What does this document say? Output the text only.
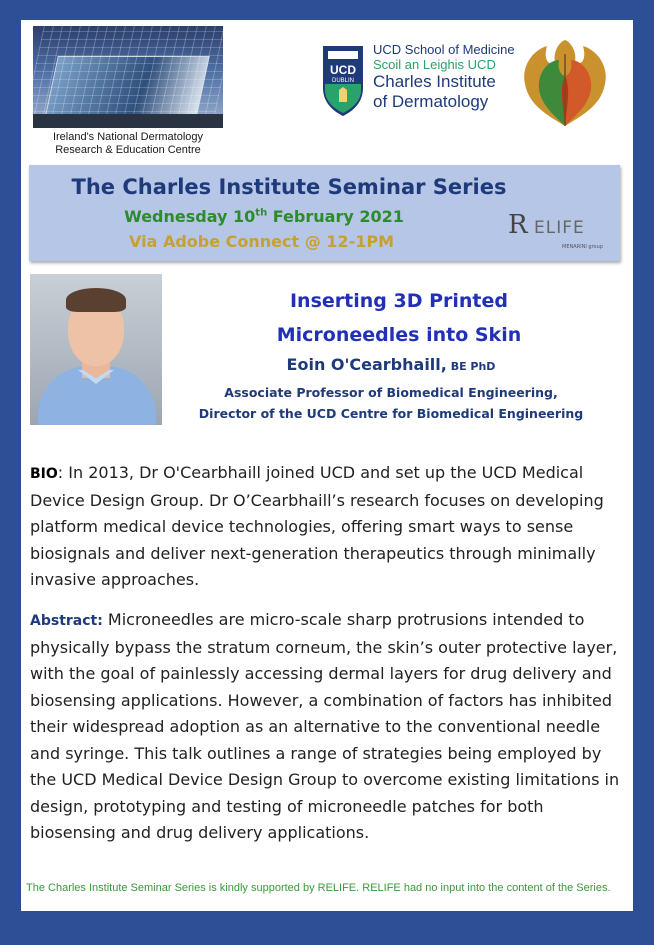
Ireland's National Dermatology
Research & Education Centre
UCD
DUBLIN
UCD School of Medicine
Scoil an Leighis UCD
Charles Institute
of Dermatology
The Charles Institute Seminar Series
Wednesday 10th February 2021
Via Adobe Connect @ 12-1PM
R ELIFE
MENARINI group
Inserting 3D Printed
Microneedles into Skin
Eoin O'Cearbhaill, BE PhD
Associate Professor of Biomedical Engineering,
Director of the UCD Centre for Biomedical Engineering
BIO: In 2013, Dr O'Cearbhaill joined UCD and set up the UCD Medical Device Design Group. Dr O’Cearbhaill’s research focuses on developing platform medical device technologies, offering smart ways to sense biosignals and deliver next-generation therapeutics through minimally invasive approaches.
Abstract: Microneedles are micro-scale sharp protrusions intended to physically bypass the stratum corneum, the skin’s outer protective layer, with the goal of painlessly accessing dermal layers for drug delivery and biosensing applications. However, a combination of factors has inhibited their widespread adoption as an alternative to the conventional needle and syringe. This talk outlines a range of strategies being employed by the UCD Medical Device Design Group to overcome existing limitations in design, prototyping and testing of microneedle patches for both biosensing and drug delivery applications.
The Charles Institute Seminar Series is kindly supported by RELIFE. RELIFE had no input into the content of the Series.
